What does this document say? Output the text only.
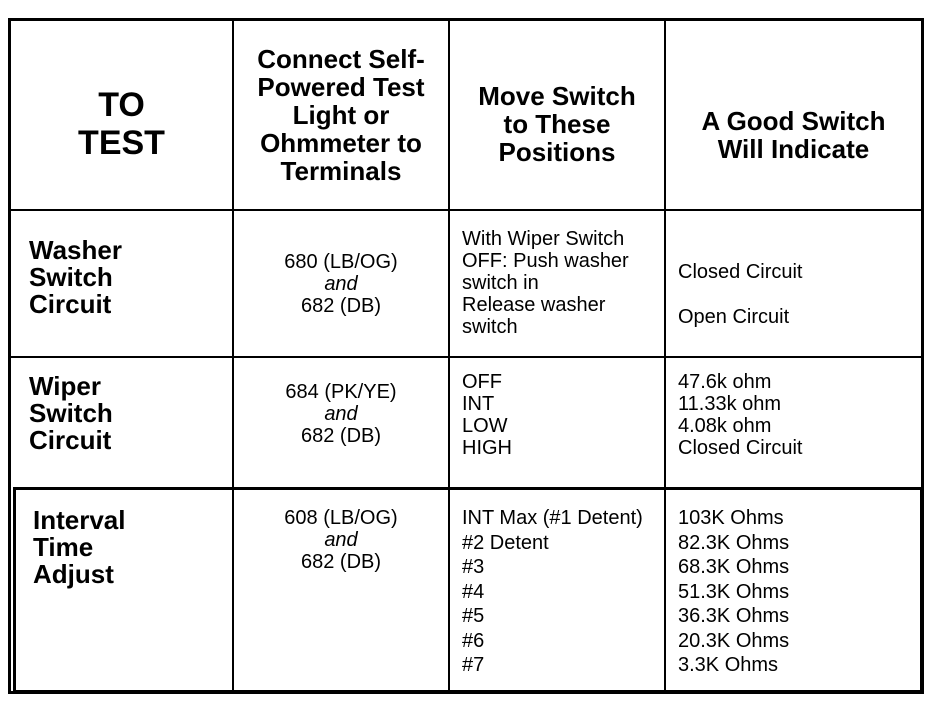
TO
TEST
Connect Self-
Powered Test
Light or
Ohmmeter to
Terminals
Move Switch
to These
Positions
A Good Switch
Will Indicate
Washer
Switch
Circuit
680 (LB/OG)
and
682 (DB)
With Wiper Switch
OFF: Push washer
switch in
Release washer
switch
Closed Circuit
Open Circuit
Wiper
Switch
Circuit
684 (PK/YE)
and
682 (DB)
OFF
INT
LOW
HIGH
47.6k ohm
11.33k ohm
4.08k ohm
Closed Circuit
Interval
Time
Adjust
608 (LB/OG)
and
682 (DB)
INT Max (#1 Detent)
#2 Detent
#3
#4
#5
#6
#7
103K Ohms
82.3K Ohms
68.3K Ohms
51.3K Ohms
36.3K Ohms
20.3K Ohms
3.3K Ohms
